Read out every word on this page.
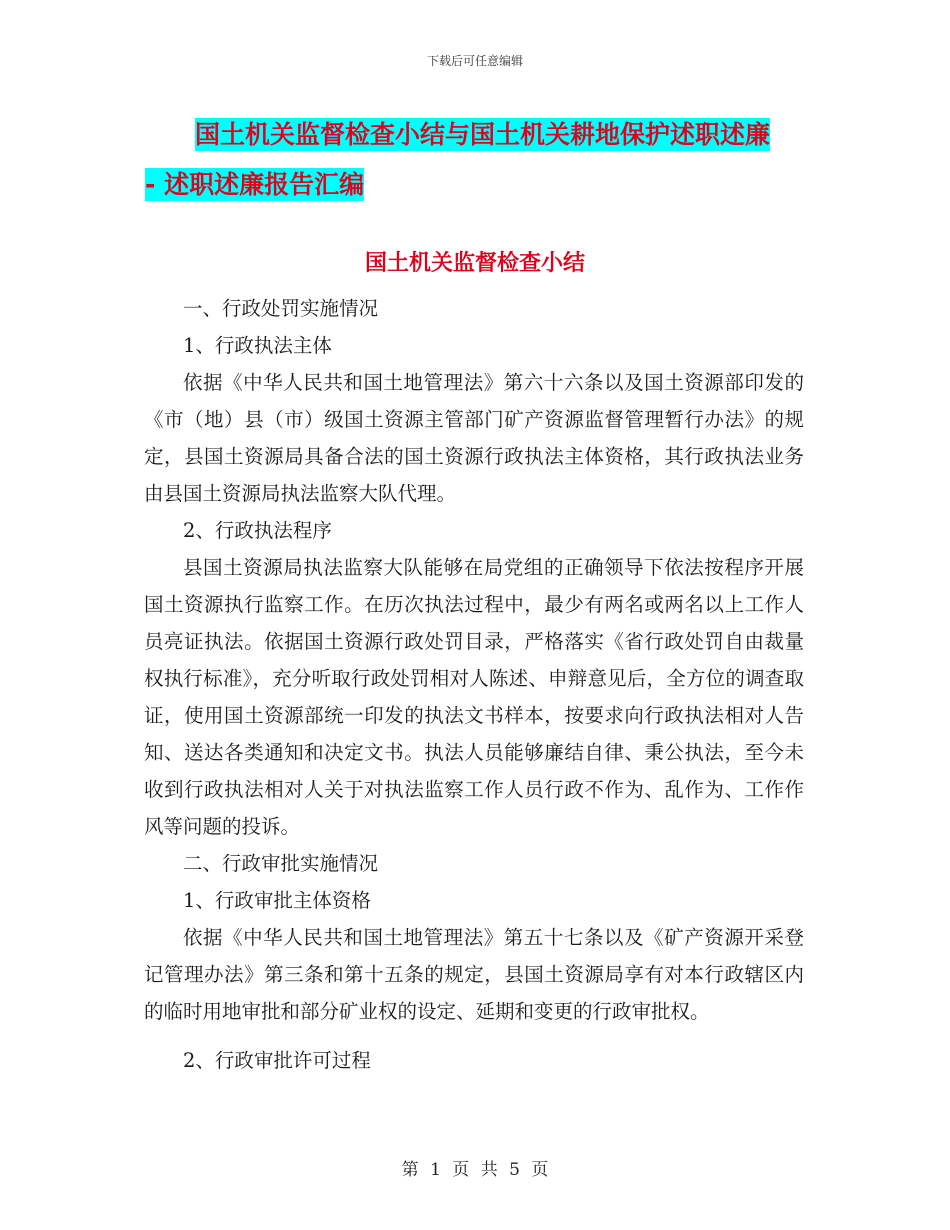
下载后可任意编辑
国土机关监督检查小结与国土机关耕地保护述职述廉
- 述职述廉报告汇编
国土机关监督检查小结

一、行政处罚实施情况

1、行政执法主体

依据《中华人民共和国土地管理法》第六十六条以及国土资源部印发的《市（地）县（市）级国土资源主管部门矿产资源监督管理暂行办法》的规定，县国土资源局具备合法的国土资源行政执法主体资格，其行政执法业务由县国土资源局执法监察大队代理。

2、行政执法程序

县国土资源局执法监察大队能够在局党组的正确领导下依法按程序开展国土资源执行监察工作。在历次执法过程中，最少有两名或两名以上工作人员亮证执法。依据国土资源行政处罚目录，严格落实《省行政处罚自由裁量权执行标准》，充分听取行政处罚相对人陈述、申辩意见后，全方位的调查取证，使用国土资源部统一印发的执法文书样本，按要求向行政执法相对人告知、送达各类通知和决定文书。执法人员能够廉结自律、秉公执法，至今未收到行政执法相对人关于对执法监察工作人员行政不作为、乱作为、工作作风等问题的投诉。

二、行政审批实施情况

1、行政审批主体资格

依据《中华人民共和国土地管理法》第五十七条以及《矿产资源开采登记管理办法》第三条和第十五条的规定，县国土资源局享有对本行政辖区内的临时用地审批和部分矿业权的设定、延期和变更的行政审批权。

2、行政审批许可过程

第 1 页 共 5 页
